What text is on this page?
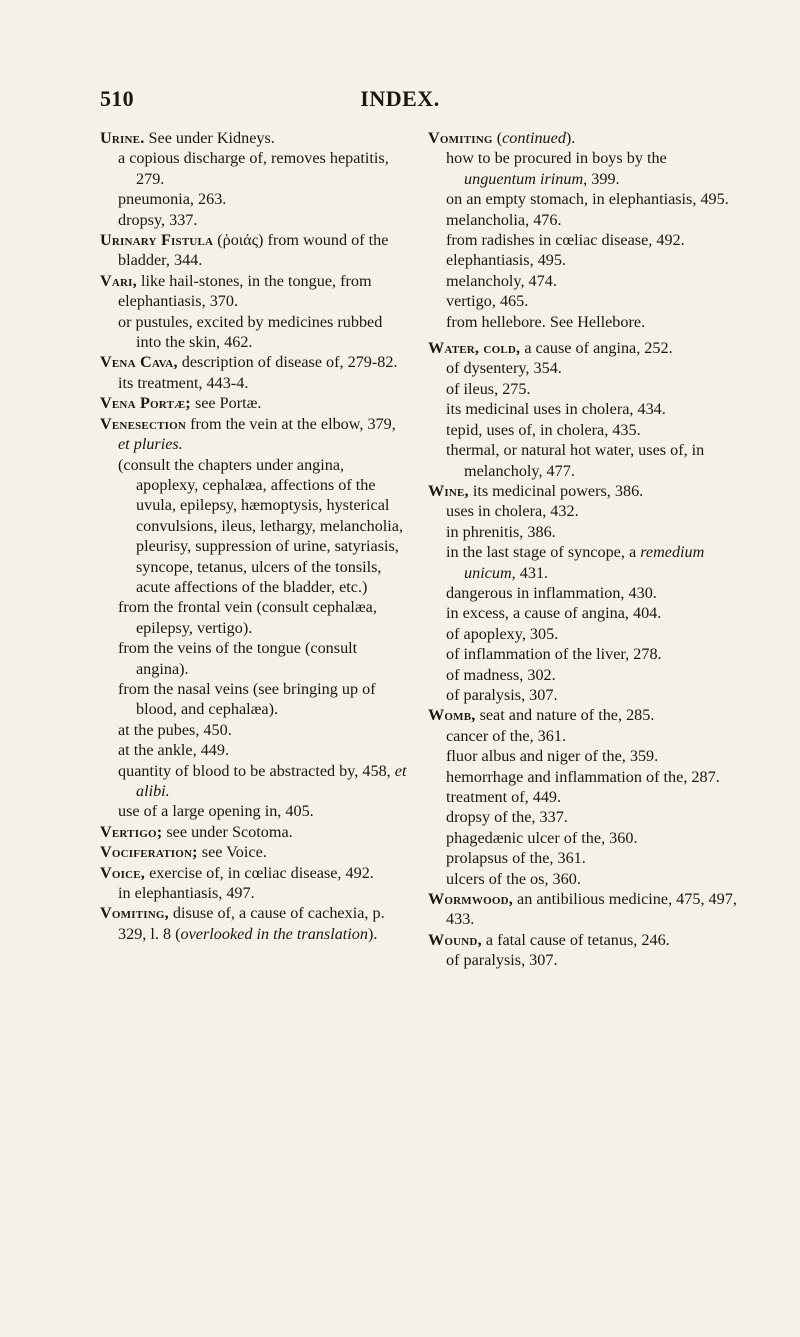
510	INDEX.

Urine. See under Kidneys.

a copious discharge of, removes hepatitis, 279.

pneumonia, 263.

dropsy, 337.

Urinary Fistula (ῥοιάς) from wound of the bladder, 344.

Vari, like hail-stones, in the tongue, from elephantiasis, 370.

or pustules, excited by medicines rubbed into the skin, 462.

Vena Cava, description of disease of, 279-82.

its treatment, 443-4.

Vena Portæ; see Portæ.

Venesection from the vein at the elbow, 379, et pluries.

(consult the chapters under angina, apoplexy, cephalæa, affections of the uvula, epilepsy, hæmoptysis, hysterical convulsions, ileus, lethargy, melancholia, pleurisy, suppression of urine, satyriasis, syncope, tetanus, ulcers of the tonsils, acute affections of the bladder, etc.)

from the frontal vein (consult cephalæa, epilepsy, vertigo).

from the veins of the tongue (consult angina).

from the nasal veins (see bringing up of blood, and cephalæa).

at the pubes, 450.

at the ankle, 449.

quantity of blood to be abstracted by, 458, et alibi.

use of a large opening in, 405.

Vertigo; see under Scotoma.

Vociferation; see Voice.

Voice, exercise of, in cœliac disease, 492.

in elephantiasis, 497.

Vomiting, disuse of, a cause of cachexia, p. 329, l. 8 (overlooked in the translation).

Vomiting (continued).

how to be procured in boys by the unguentum irinum, 399.

on an empty stomach, in elephantiasis, 495.

melancholia, 476.

from radishes in cœliac disease, 492.

elephantiasis, 495.

melancholy, 474.

vertigo, 465.

from hellebore. See Hellebore.

Water, cold, a cause of angina, 252.

of dysentery, 354.

of ileus, 275.

its medicinal uses in cholera, 434.

tepid, uses of, in cholera, 435.

thermal, or natural hot water, uses of, in melancholy, 477.

Wine, its medicinal powers, 386.

uses in cholera, 432.

in phrenitis, 386.

in the last stage of syncope, a remedium unicum, 431.

dangerous in inflammation, 430.

in excess, a cause of angina, 404.

of apoplexy, 305.

of inflammation of the liver, 278.

of madness, 302.

of paralysis, 307.

Womb, seat and nature of the, 285.

cancer of the, 361.

fluor albus and niger of the, 359.

hemorrhage and inflammation of the, 287.

treatment of, 449.

dropsy of the, 337.

phagedænic ulcer of the, 360.

prolapsus of the, 361.

ulcers of the os, 360.

Wormwood, an antibilious medicine, 475, 497, 433.

Wound, a fatal cause of tetanus, 246.

of paralysis, 307.
